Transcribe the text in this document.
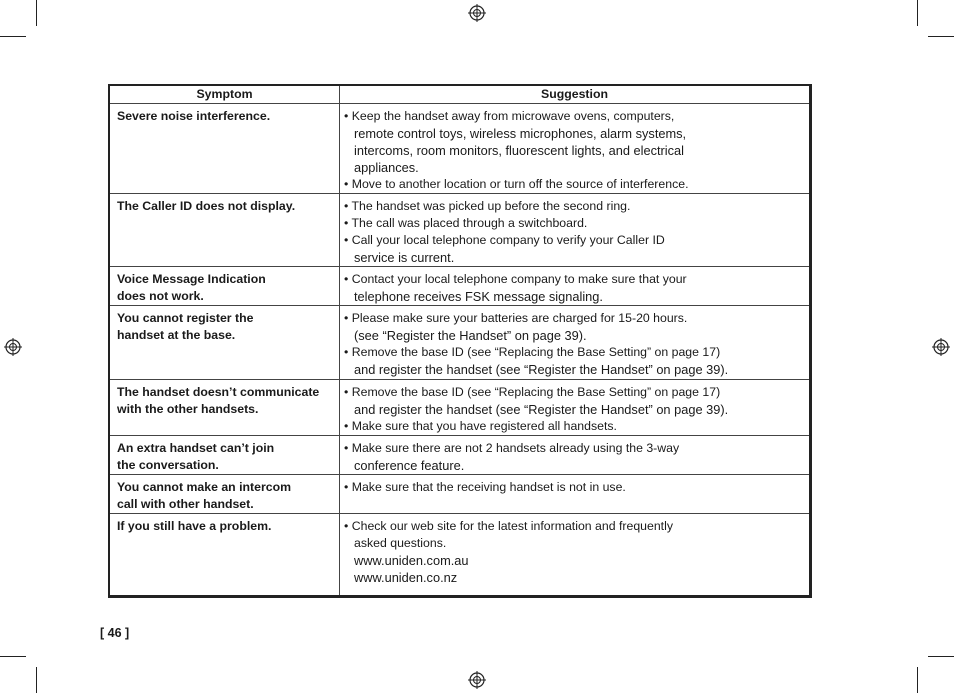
Symptom	Suggestion

Severe noise interference.	• Keep the handset away from microwave ovens, computers,
remote control toys, wireless microphones, alarm systems,
intercoms, room monitors, fluorescent lights, and electrical
appliances.
• Move to another location or turn off the source of interference.

The Caller ID does not display.	• The handset was picked up before the second ring.
• The call was placed through a switchboard.
• Call your local telephone company to verify your Caller ID
service is current.

Voice Message Indication
does not work.	• Contact your local telephone company to make sure that your
telephone receives FSK message signaling.

You cannot register the
handset at the base.	• Please make sure your batteries are charged for 15-20 hours.
(see “Register the Handset” on page 39).
• Remove the base ID (see “Replacing the Base Setting” on page 17)
and register the handset (see “Register the Handset” on page 39).

The handset doesn’t communicate
with the other handsets.	• Remove the base ID (see “Replacing the Base Setting” on page 17)
and register the handset (see “Register the Handset” on page 39).
• Make sure that you have registered all handsets.

An extra handset can’t join
the conversation.	• Make sure there are not 2 handsets already using the 3-way
conference feature.

You cannot make an intercom
call with other handset.	• Make sure that the receiving handset is not in use.

If you still have a problem.	• Check our web site for the latest information and frequently
asked questions.
www.uniden.com.au
www.uniden.co.nz
[ 46 ]
